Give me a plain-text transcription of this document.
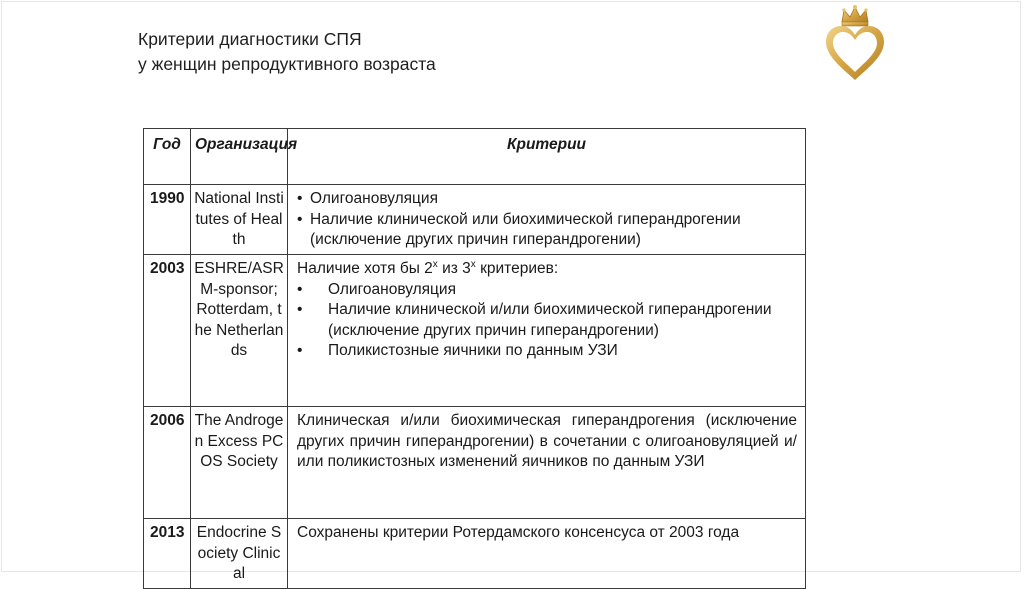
Критерии диагностики СПЯ
у женщин репродуктивного возраста
Год	Организация	Критерии
1990	National Institutes of Health	• Олигоановуляция
• Наличие клинической или биохимической гиперандрогении (исключение других причин гиперандрогении)

2003	ESHRE/ASRM-sponsor; Rotterdam, the Netherlands	Наличие хотя бы $2^х$ из $3^х$ критериев:
• Олигоановуляция
• Наличие клинической и/или биохимической гиперандрогении (исключение других причин гиперандрогении)
• Поликистозные яичники по данным УЗИ

2006	The Androgen Excess PCOS Society	Клиническая и/или биохимическая гиперандрогения (исключение других причин гиперандрогении) в сочетании с олигоановуляцией и/или поликистозных изменений яичников по данным УЗИ
2013	Endocrine Society Clinical	Сохранены критерии Ротердамского консенсуса от 2003 года
